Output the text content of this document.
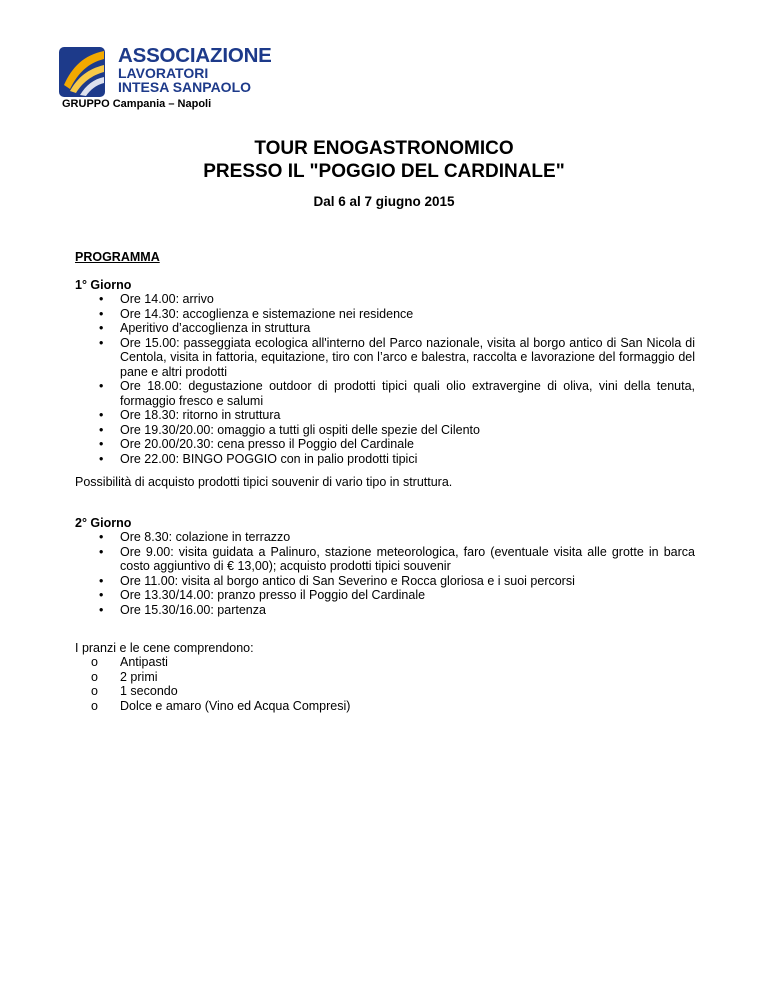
ASSOCIAZIONE
LAVORATORI
INTESA SANPAOLO
GRUPPO Campania – Napoli
TOUR ENOGASTRONOMICO
PRESSO IL "POGGIO DEL CARDINALE"
Dal 6 al 7 giugno 2015
PROGRAMMA
1° Giorno
• Ore 14.00: arrivo
• Ore 14.30: accoglienza e sistemazione nei residence
• Aperitivo d’accoglienza in struttura
• Ore 15.00: passeggiata ecologica all'interno del Parco nazionale, visita al borgo antico di San Nicola di Centola, visita in fattoria, equitazione, tiro con l’arco e balestra, raccolta e lavorazione del formaggio del pane e altri prodotti
• Ore 18.00: degustazione outdoor di prodotti tipici quali olio extravergine di oliva, vini della tenuta, formaggio fresco e salumi
• Ore 18.30: ritorno in struttura
• Ore 19.30/20.00: omaggio a tutti gli ospiti delle spezie del Cilento
• Ore 20.00/20.30: cena presso il Poggio del Cardinale
• Ore 22.00: BINGO POGGIO con in palio prodotti tipici
Possibilità di acquisto prodotti tipici souvenir di vario tipo in struttura.
2° Giorno
• Ore 8.30: colazione in terrazzo
• Ore 9.00: visita guidata a Palinuro, stazione meteorologica, faro (eventuale visita alle grotte in barca costo aggiuntivo di € 13,00); acquisto prodotti tipici souvenir
• Ore 11.00: visita al borgo antico di San Severino e Rocca gloriosa e i suoi percorsi
• Ore 13.30/14.00: pranzo presso il Poggio del Cardinale
• Ore 15.30/16.00: partenza
I pranzi e le cene comprendono:
o Antipasti
o 2 primi
o 1 secondo
o Dolce e amaro (Vino ed Acqua Compresi)
